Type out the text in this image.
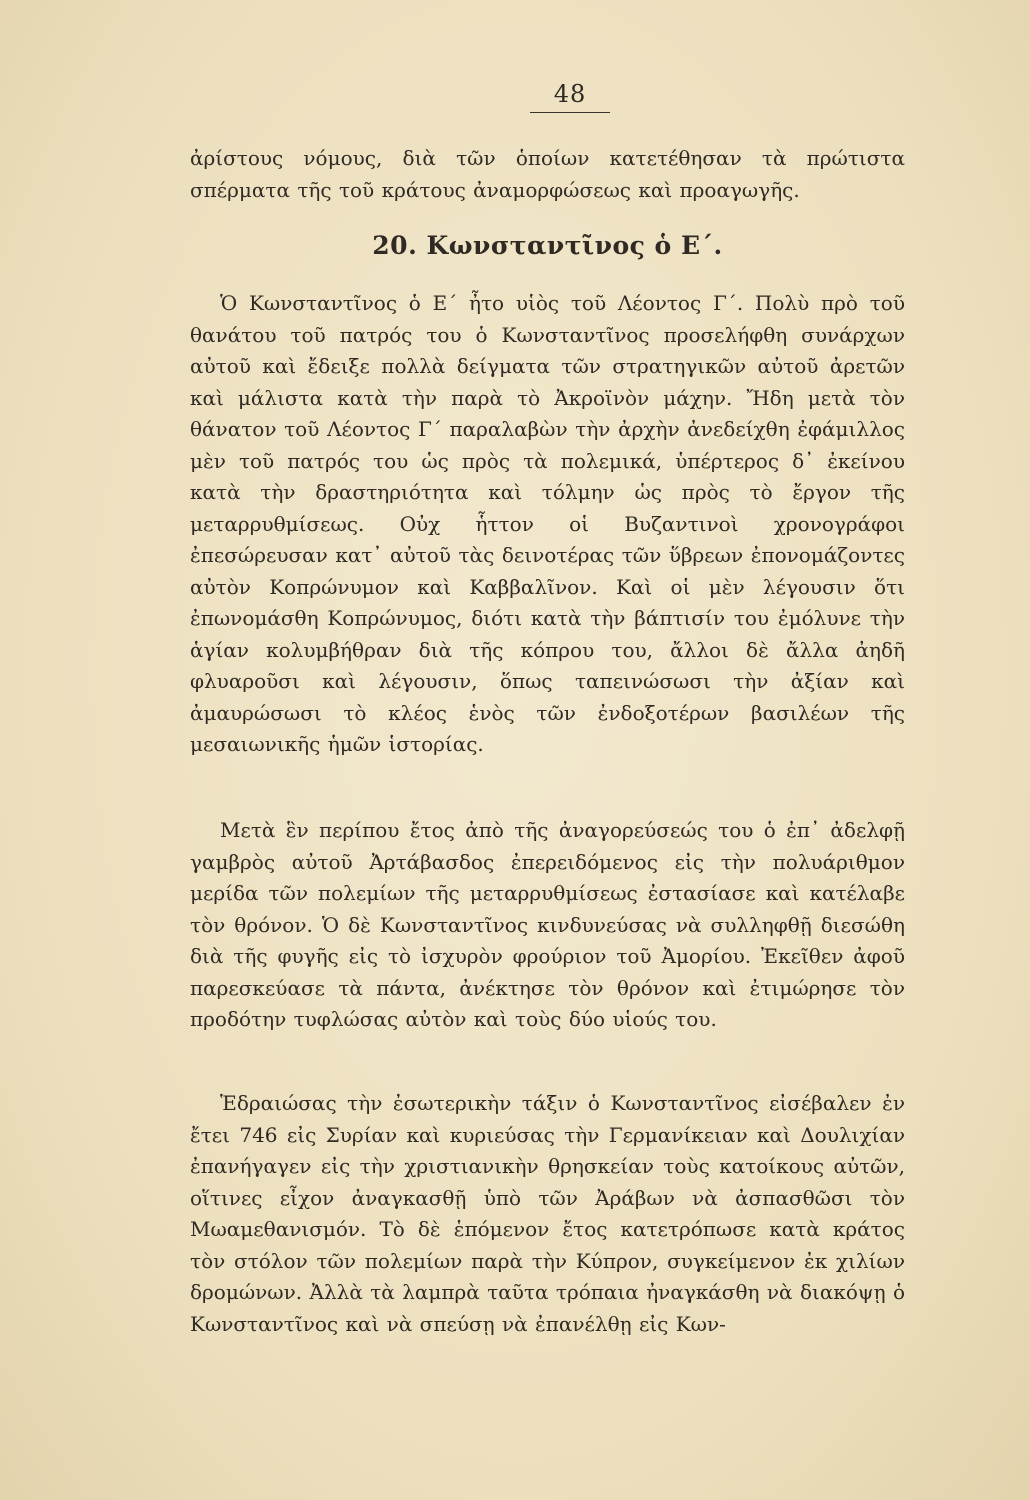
48

ἀρίστους νόμους, διὰ τῶν ὁποίων κατετέθησαν τὰ πρώτιστα σπέρματα τῆς τοῦ κράτους ἀναμορφώσεως καὶ προαγωγῆς.

20. Κωνσταντῖνος ὁ Ε΄.

Ὁ Κωνσταντῖνος ὁ Ε΄ ἦτο υἱὸς τοῦ Λέοντος Γ΄. Πολὺ πρὸ τοῦ θανάτου τοῦ πατρός του ὁ Κωνσταντῖνος προσελήφθη συνάρχων αὐτοῦ καὶ ἔδειξε πολλὰ δείγματα τῶν στρατηγικῶν αὐτοῦ ἀρετῶν καὶ μάλιστα κατὰ τὴν παρὰ τὸ Ἀκροϊνὸν μάχην. Ἤδη μετὰ τὸν θάνατον τοῦ Λέοντος Γ΄ παραλαβὼν τὴν ἀρχὴν ἀνεδείχθη ἐφάμιλλος μὲν τοῦ πατρός του ὡς πρὸς τὰ πολεμικά, ὑπέρτερος δ᾽ ἐκείνου κατὰ τὴν δραστηριότητα καὶ τόλμην ὡς πρὸς τὸ ἔργον τῆς μεταρρυθμίσεως. Οὐχ ἧττον οἱ Βυζαντινοὶ χρονογράφοι ἐπεσώρευσαν κατ᾽ αὐτοῦ τὰς δεινοτέρας τῶν ὕβρεων ἐπονομάζοντες αὐτὸν Κοπρώνυμον καὶ Καββαλῖνον. Καὶ οἱ μὲν λέγουσιν ὅτι ἐπωνομάσθη Κοπρώνυμος, διότι κατὰ τὴν βάπτισίν του ἐμόλυνε τὴν ἁγίαν κολυμβήθραν διὰ τῆς κόπρου του, ἄλλοι δὲ ἄλλα ἀηδῆ φλυαροῦσι καὶ λέγουσιν, ὅπως ταπεινώσωσι τὴν ἀξίαν καὶ ἀμαυρώσωσι τὸ κλέος ἑνὸς τῶν ἐνδοξοτέρων βασιλέων τῆς μεσαιωνικῆς ἡμῶν ἱστορίας.

Μετὰ ἓν περίπου ἔτος ἀπὸ τῆς ἀναγορεύσεώς του ὁ ἐπ᾽ ἀδελφῇ γαμβρὸς αὐτοῦ Ἀρτάβασδος ἐπερειδόμενος εἰς τὴν πολυάριθμον μερίδα τῶν πολεμίων τῆς μεταρρυθμίσεως ἐστασίασε καὶ κατέλαβε τὸν θρόνον. Ὁ δὲ Κωνσταντῖνος κινδυνεύσας νὰ συλληφθῇ διεσώθη διὰ τῆς φυγῆς εἰς τὸ ἰσχυρὸν φρούριον τοῦ Ἀμορίου. Ἐκεῖθεν ἀφοῦ παρεσκεύασε τὰ πάντα, ἀνέκτησε τὸν θρόνον καὶ ἐτιμώρησε τὸν προδότην τυφλώσας αὐτὸν καὶ τοὺς δύο υἱούς του.

Ἑδραιώσας τὴν ἐσωτερικὴν τάξιν ὁ Κωνσταντῖνος εἰσέβαλεν ἐν ἔτει 746 εἰς Συρίαν καὶ κυριεύσας τὴν Γερμανίκειαν καὶ Δουλιχίαν ἐπανήγαγεν εἰς τὴν χριστιανικὴν θρησκείαν τοὺς κατοίκους αὐτῶν, οἵτινες εἶχον ἀναγκασθῇ ὑπὸ τῶν Ἀράβων νὰ ἀσπασθῶσι τὸν Μωαμεθανισμόν. Τὸ δὲ ἑπόμενον ἔτος κατετρόπωσε κατὰ κράτος τὸν στόλον τῶν πολεμίων παρὰ τὴν Κύπρον, συγκείμενον ἐκ χιλίων δρομώνων. Ἀλλὰ τὰ λαμπρὰ ταῦτα τρόπαια ἠναγκάσθη νὰ διακόψῃ ὁ Κωνσταντῖνος καὶ νὰ σπεύσῃ νὰ ἐπανέλθῃ εἰς Κων-
